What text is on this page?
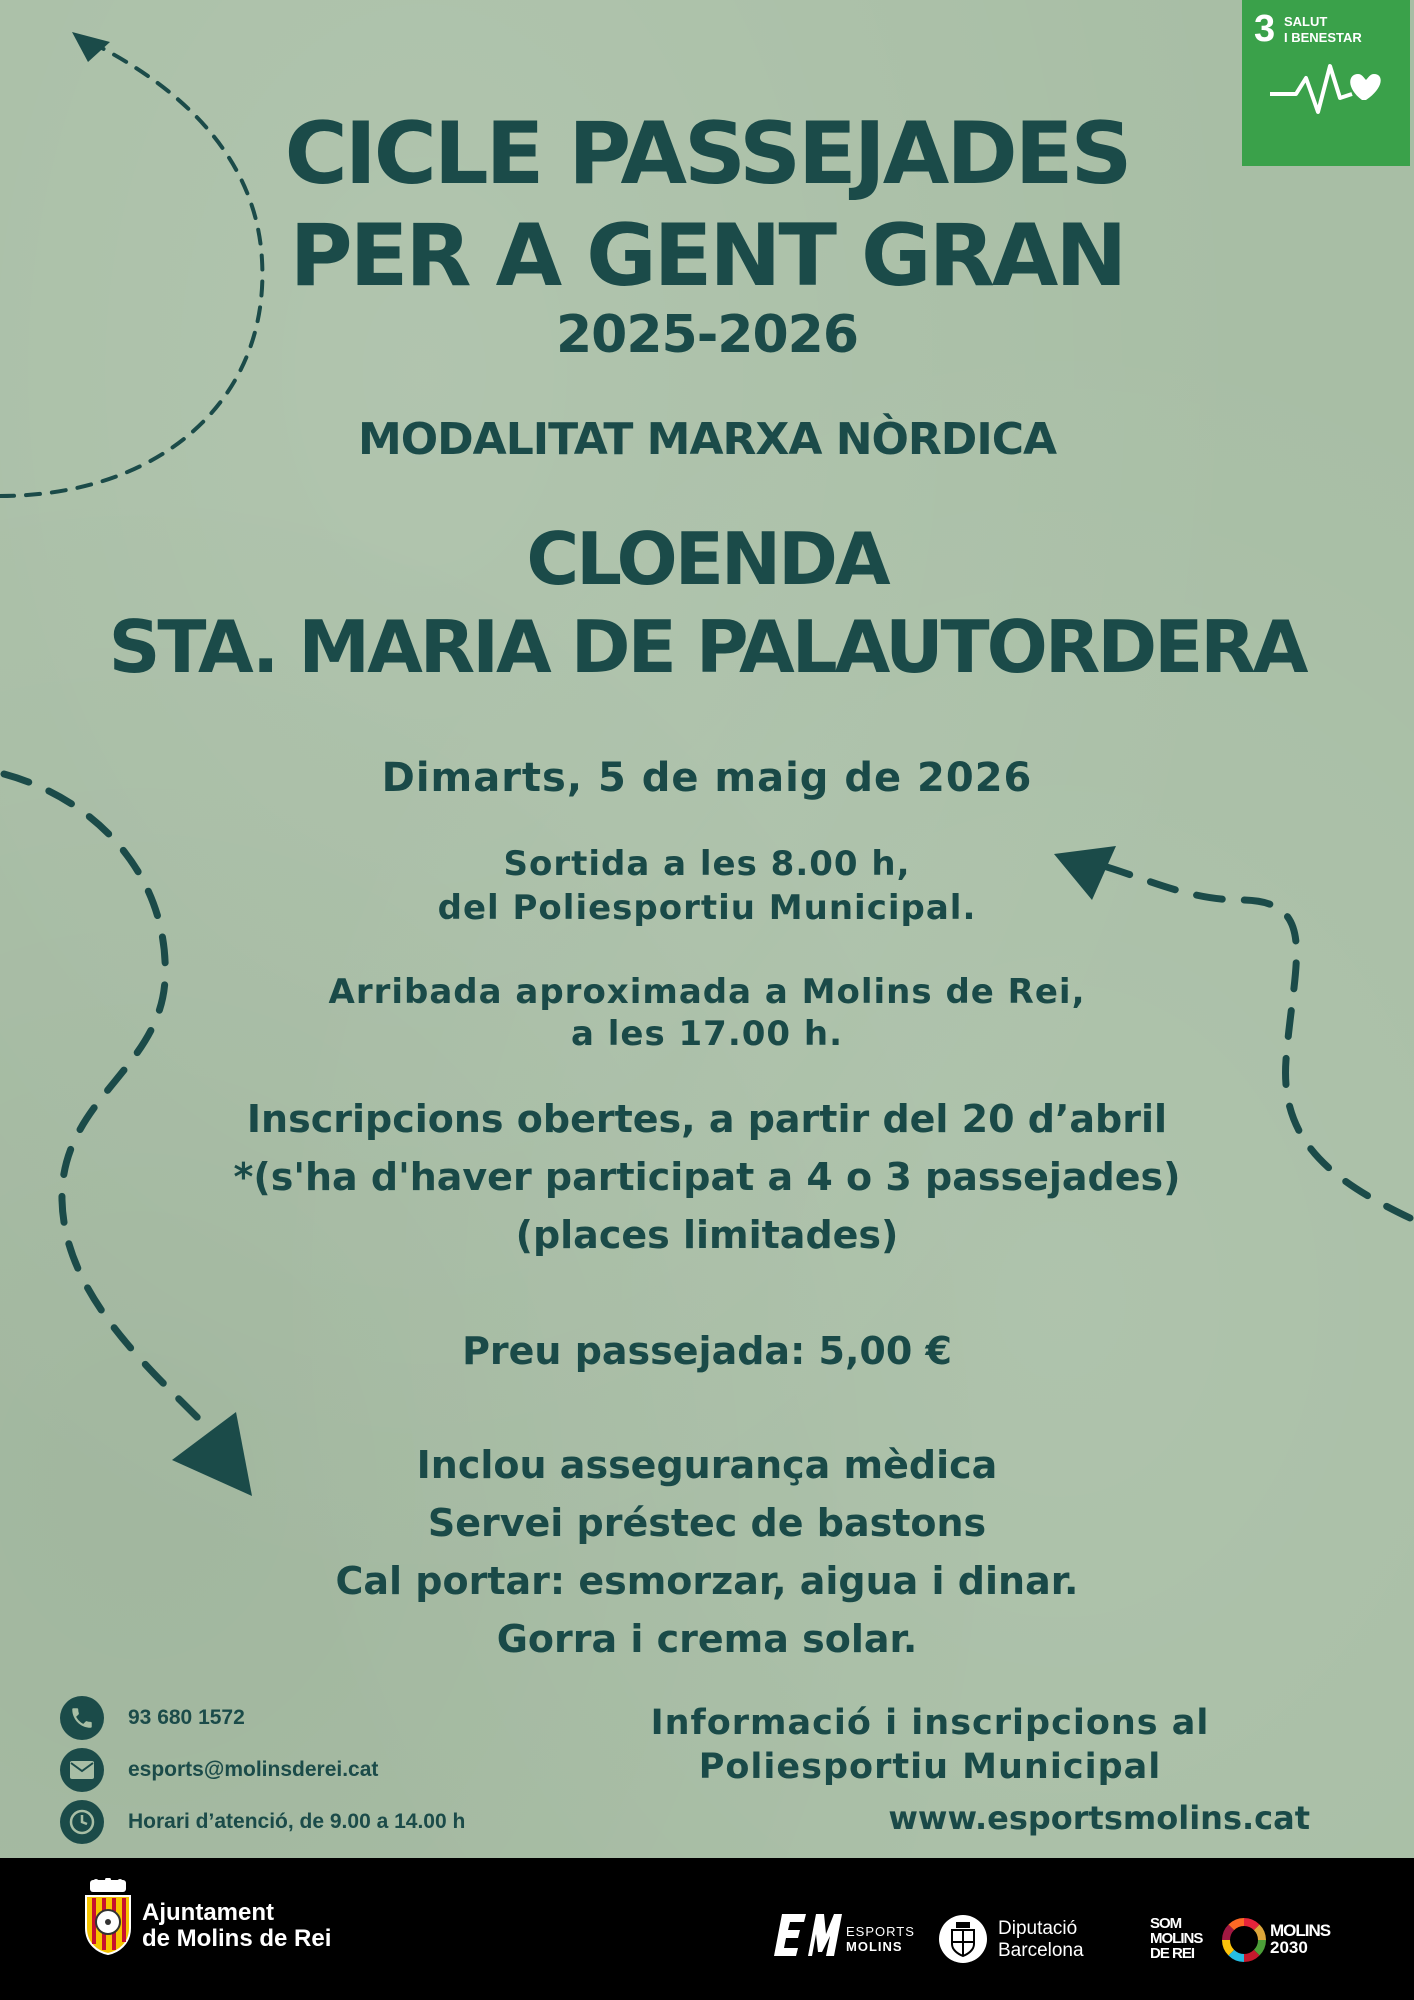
3 SALUT
I BENESTAR
CICLE PASSEJADES
PER A GENT GRAN
2025-2026
MODALITAT MARXA NÒRDICA
CLOENDA
STA. MARIA DE PALAUTORDERA
Dimarts, 5 de maig de 2026
Sortida a les 8.00 h,
del Poliesportiu Municipal.
Arribada aproximada a Molins de Rei,
a les 17.00 h.
Inscripcions obertes, a partir del 20 d’abril
*(s'ha d'haver participat a 4 o 3 passejades)
(places limitades)
Preu passejada: 5,00 €
Inclou assegurança mèdica
Servei préstec de bastons
Cal portar: esmorzar, aigua i dinar.
Gorra i crema solar.
93 680 1572
esports@molinsderei.cat
Horari d’atenció, de 9.00 a 14.00 h
Informació i inscripcions al
Poliesportiu Municipal
www.esportsmolins.cat
Ajuntament
de Molins de Rei	ESPORTS
MOLINS
Diputació
Barcelona
SOM
MOLINS
DE REI
MOLINS
2030
